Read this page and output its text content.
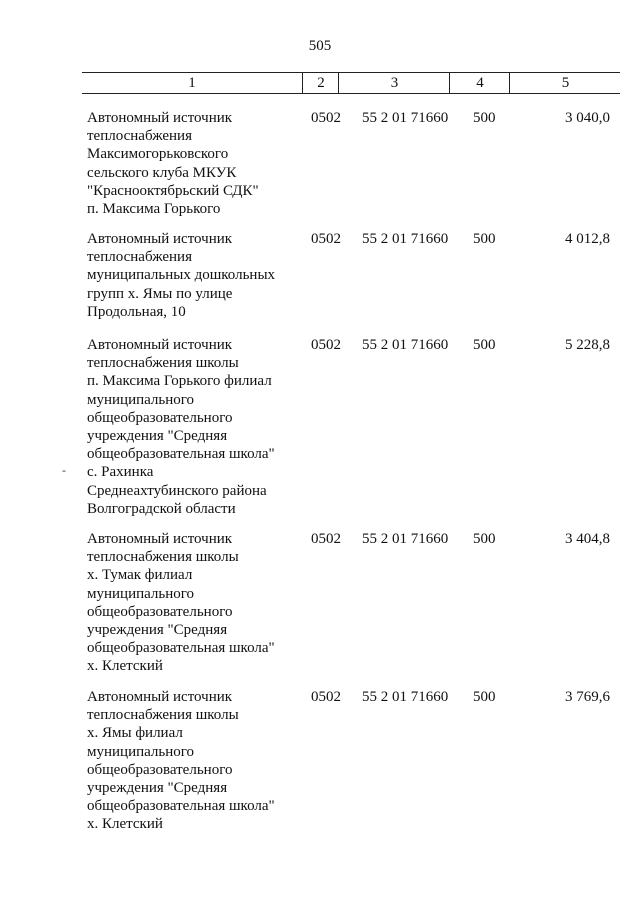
505
1	2	3	4	5
Автономный источник
теплоснабжения
Максимогорьковского
сельского клуба МКУК
"Краснооктябрьский СДК"
п. Максима Горького
0502	55 2 01 71660	500	3 040,0
Автономный источник
теплоснабжения
муниципальных дошкольных
групп х. Ямы по улице
Продольная, 10
0502	55 2 01 71660	500	4 012,8
Автономный источник
теплоснабжения школы
п. Максима Горького филиал
муниципального
общеобразовательного
учреждения "Средняя
общеобразовательная школа"
с. Рахинка
Среднеахтубинского района
Волгоградской области
0502	55 2 01 71660	500	5 228,8
-
Автономный источник
теплоснабжения школы
х. Тумак филиал
муниципального
общеобразовательного
учреждения "Средняя
общеобразовательная школа"
х. Клетский
0502	55 2 01 71660	500	3 404,8
Автономный источник
теплоснабжения школы
х. Ямы филиал
муниципального
общеобразовательного
учреждения "Средняя
общеобразовательная школа"
х. Клетский
0502	55 2 01 71660	500	3 769,6
